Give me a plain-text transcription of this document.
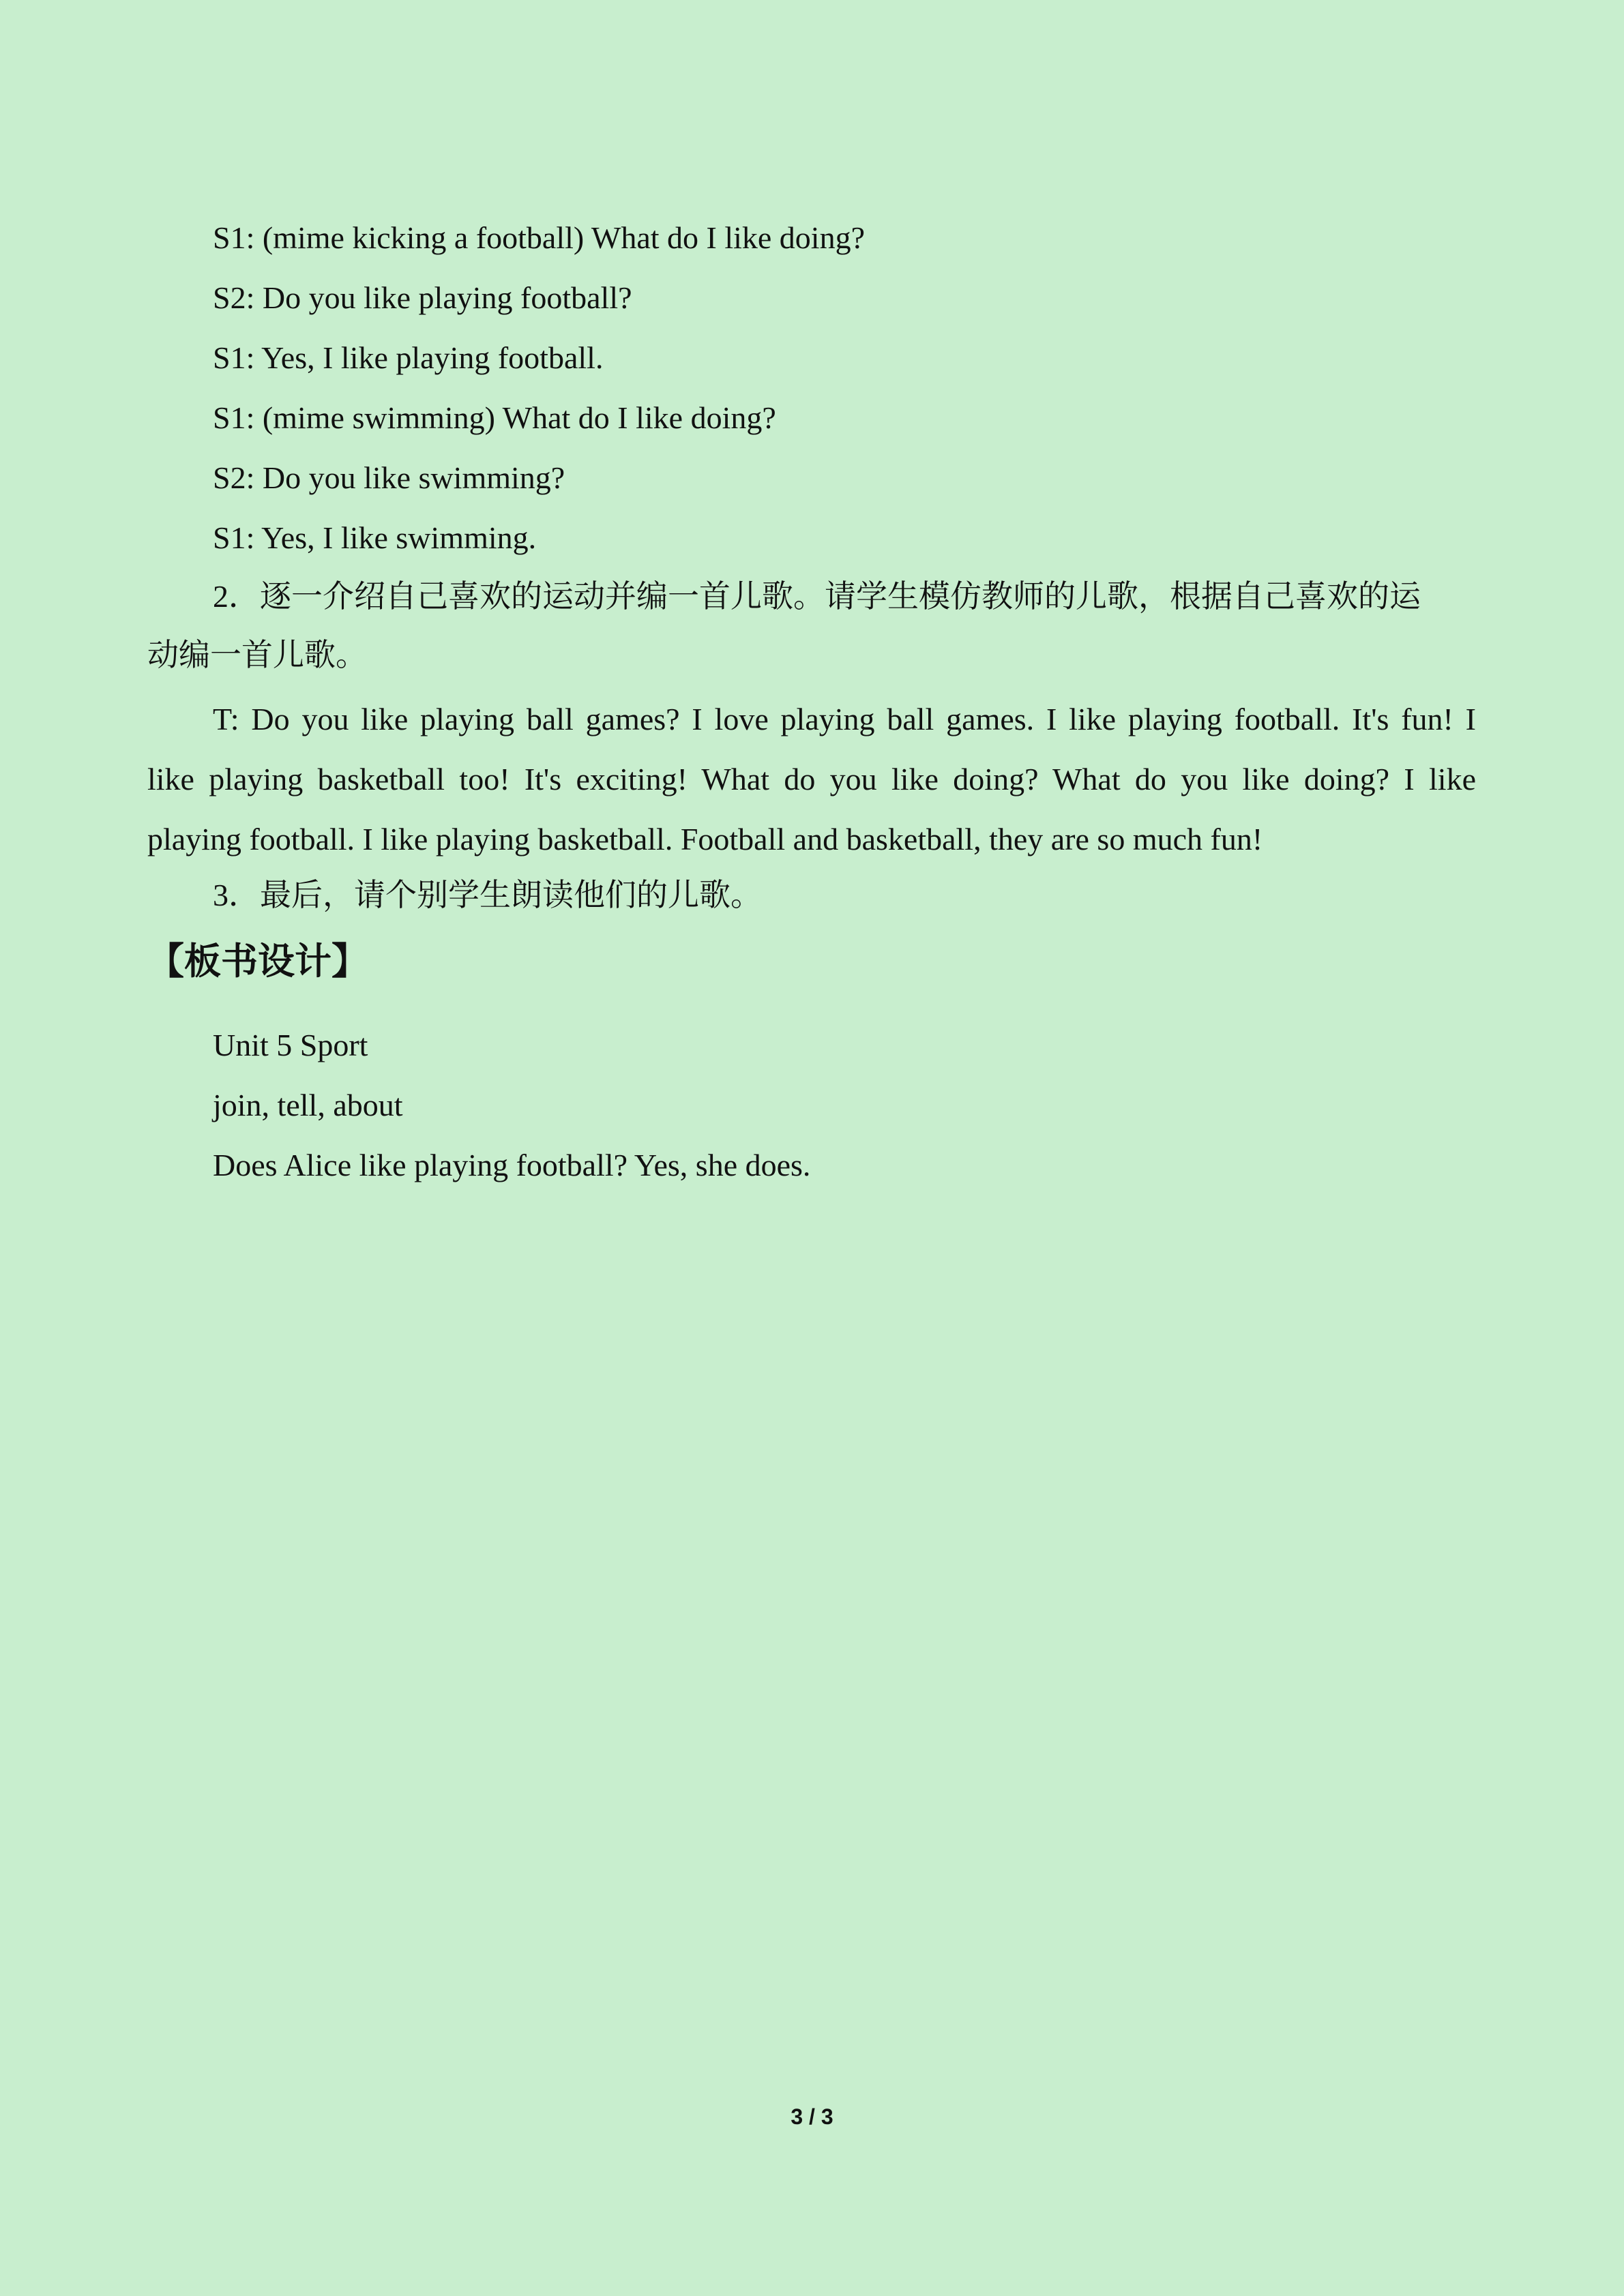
S1: (mime kicking a football) What do I like doing?
S2: Do you like playing football?
S1: Yes, I like playing football.
S1: (mime swimming) What do I like doing?
S2: Do you like swimming?
S1: Yes, I like swimming.
2．逐一介绍自己喜欢的运动并编一首儿歌。请学生模仿教师的儿歌，根据自己喜欢的运
动编一首儿歌。
T: Do you like playing ball games? I love playing ball games. I like playing football. It's fun! I
like playing basketball too! It's exciting! What do you like doing? What do you like doing? I like
playing football. I like playing basketball. Football and basketball, they are so much fun!
3．最后，请个别学生朗读他们的儿歌。
【板书设计】
Unit 5 Sport
join, tell, about
Does Alice like playing football? Yes, she does.
3 / 3
